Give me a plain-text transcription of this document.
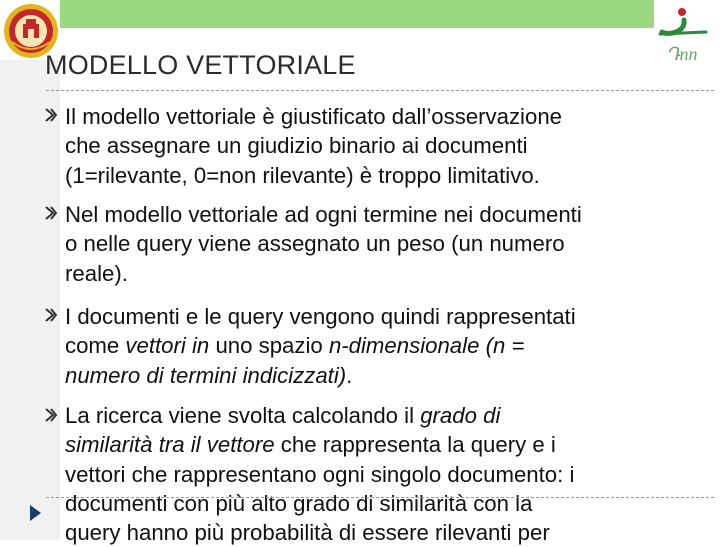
Դnn
MODELLO VETTORIALE
Il modello vettoriale è giustificato dall’osservazione
che assegnare un giudizio binario ai documenti
(1=rilevante, 0=non rilevante) è troppo limitativo.
Nel modello vettoriale ad ogni termine nei documenti
o nelle query viene assegnato un peso (un numero
reale).
I documenti e le query vengono quindi rappresentati
come vettori in uno spazio n-dimensionale (n =
numero di termini indicizzati).
La ricerca viene svolta calcolando il grado di
similarità tra il vettore che rappresenta la query e i
vettori che rappresentano ogni singolo documento: i
documenti con più alto grado di similarità con la
query hanno più probabilità di essere rilevanti per
